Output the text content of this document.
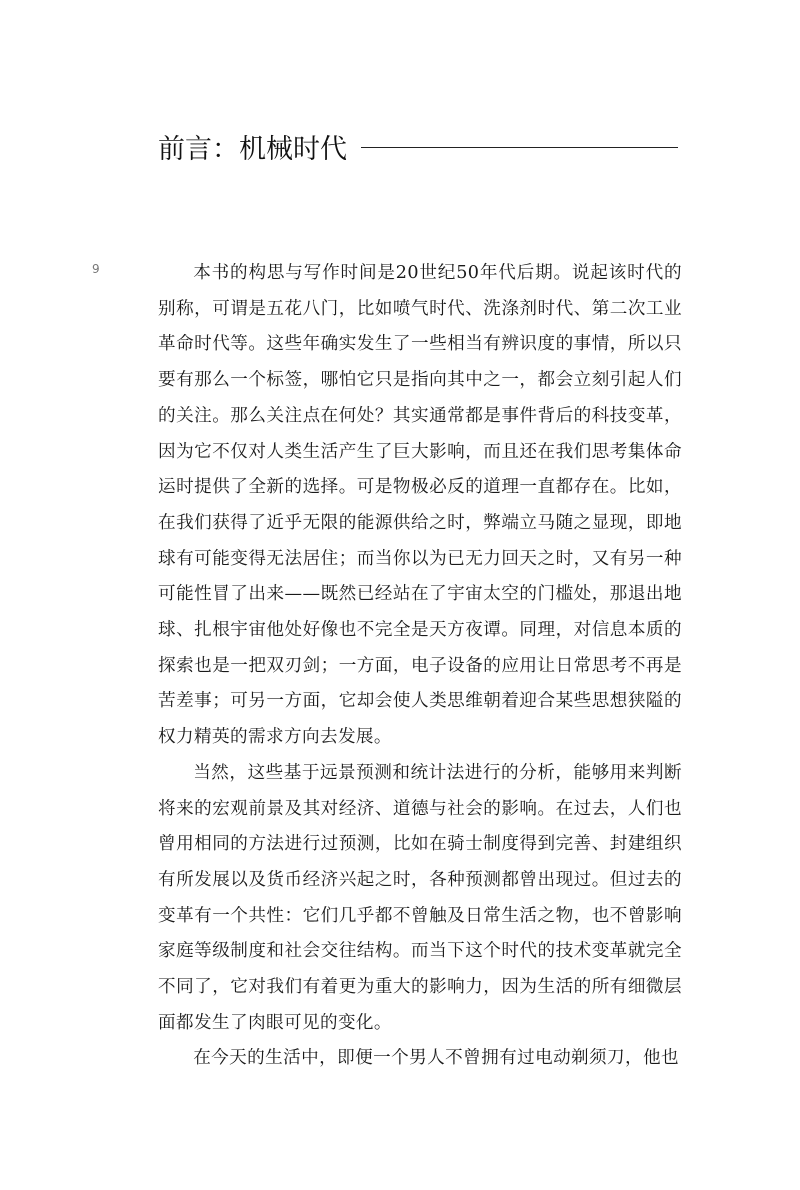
前言：机械时代
9	本书的构思与写作时间是20世纪50年代后期。说起该时代的别称，可谓是五花八门，比如喷气时代、洗涤剂时代、第二次工业革命时代等。这些年确实发生了一些相当有辨识度的事情，所以只要有那么一个标签，哪怕它只是指向其中之一，都会立刻引起人们的关注。那么关注点在何处？其实通常都是事件背后的科技变革，因为它不仅对人类生活产生了巨大影响，而且还在我们思考集体命运时提供了全新的选择。可是物极必反的道理一直都存在。比如，在我们获得了近乎无限的能源供给之时，弊端立马随之显现，即地球有可能变得无法居住；而当你以为已无力回天之时，又有另一种可能性冒了出来——既然已经站在了宇宙太空的门槛处，那退出地球、扎根宇宙他处好像也不完全是天方夜谭。同理，对信息本质的探索也是一把双刃剑；一方面，电子设备的应用让日常思考不再是苦差事；可另一方面，它却会使人类思维朝着迎合某些思想狭隘的权力精英的需求方向去发展。

当然，这些基于远景预测和统计法进行的分析，能够用来判断将来的宏观前景及其对经济、道德与社会的影响。在过去，人们也曾用相同的方法进行过预测，比如在骑士制度得到完善、封建组织有所发展以及货币经济兴起之时，各种预测都曾出现过。但过去的变革有一个共性：它们几乎都不曾触及日常生活之物，也不曾影响家庭等级制度和社会交往结构。而当下这个时代的技术变革就完全不同了，它对我们有着更为重大的影响力，因为生活的所有细微层面都发生了肉眼可见的变化。

在今天的生活中，即便一个男人不曾拥有过电动剃须刀，他也
